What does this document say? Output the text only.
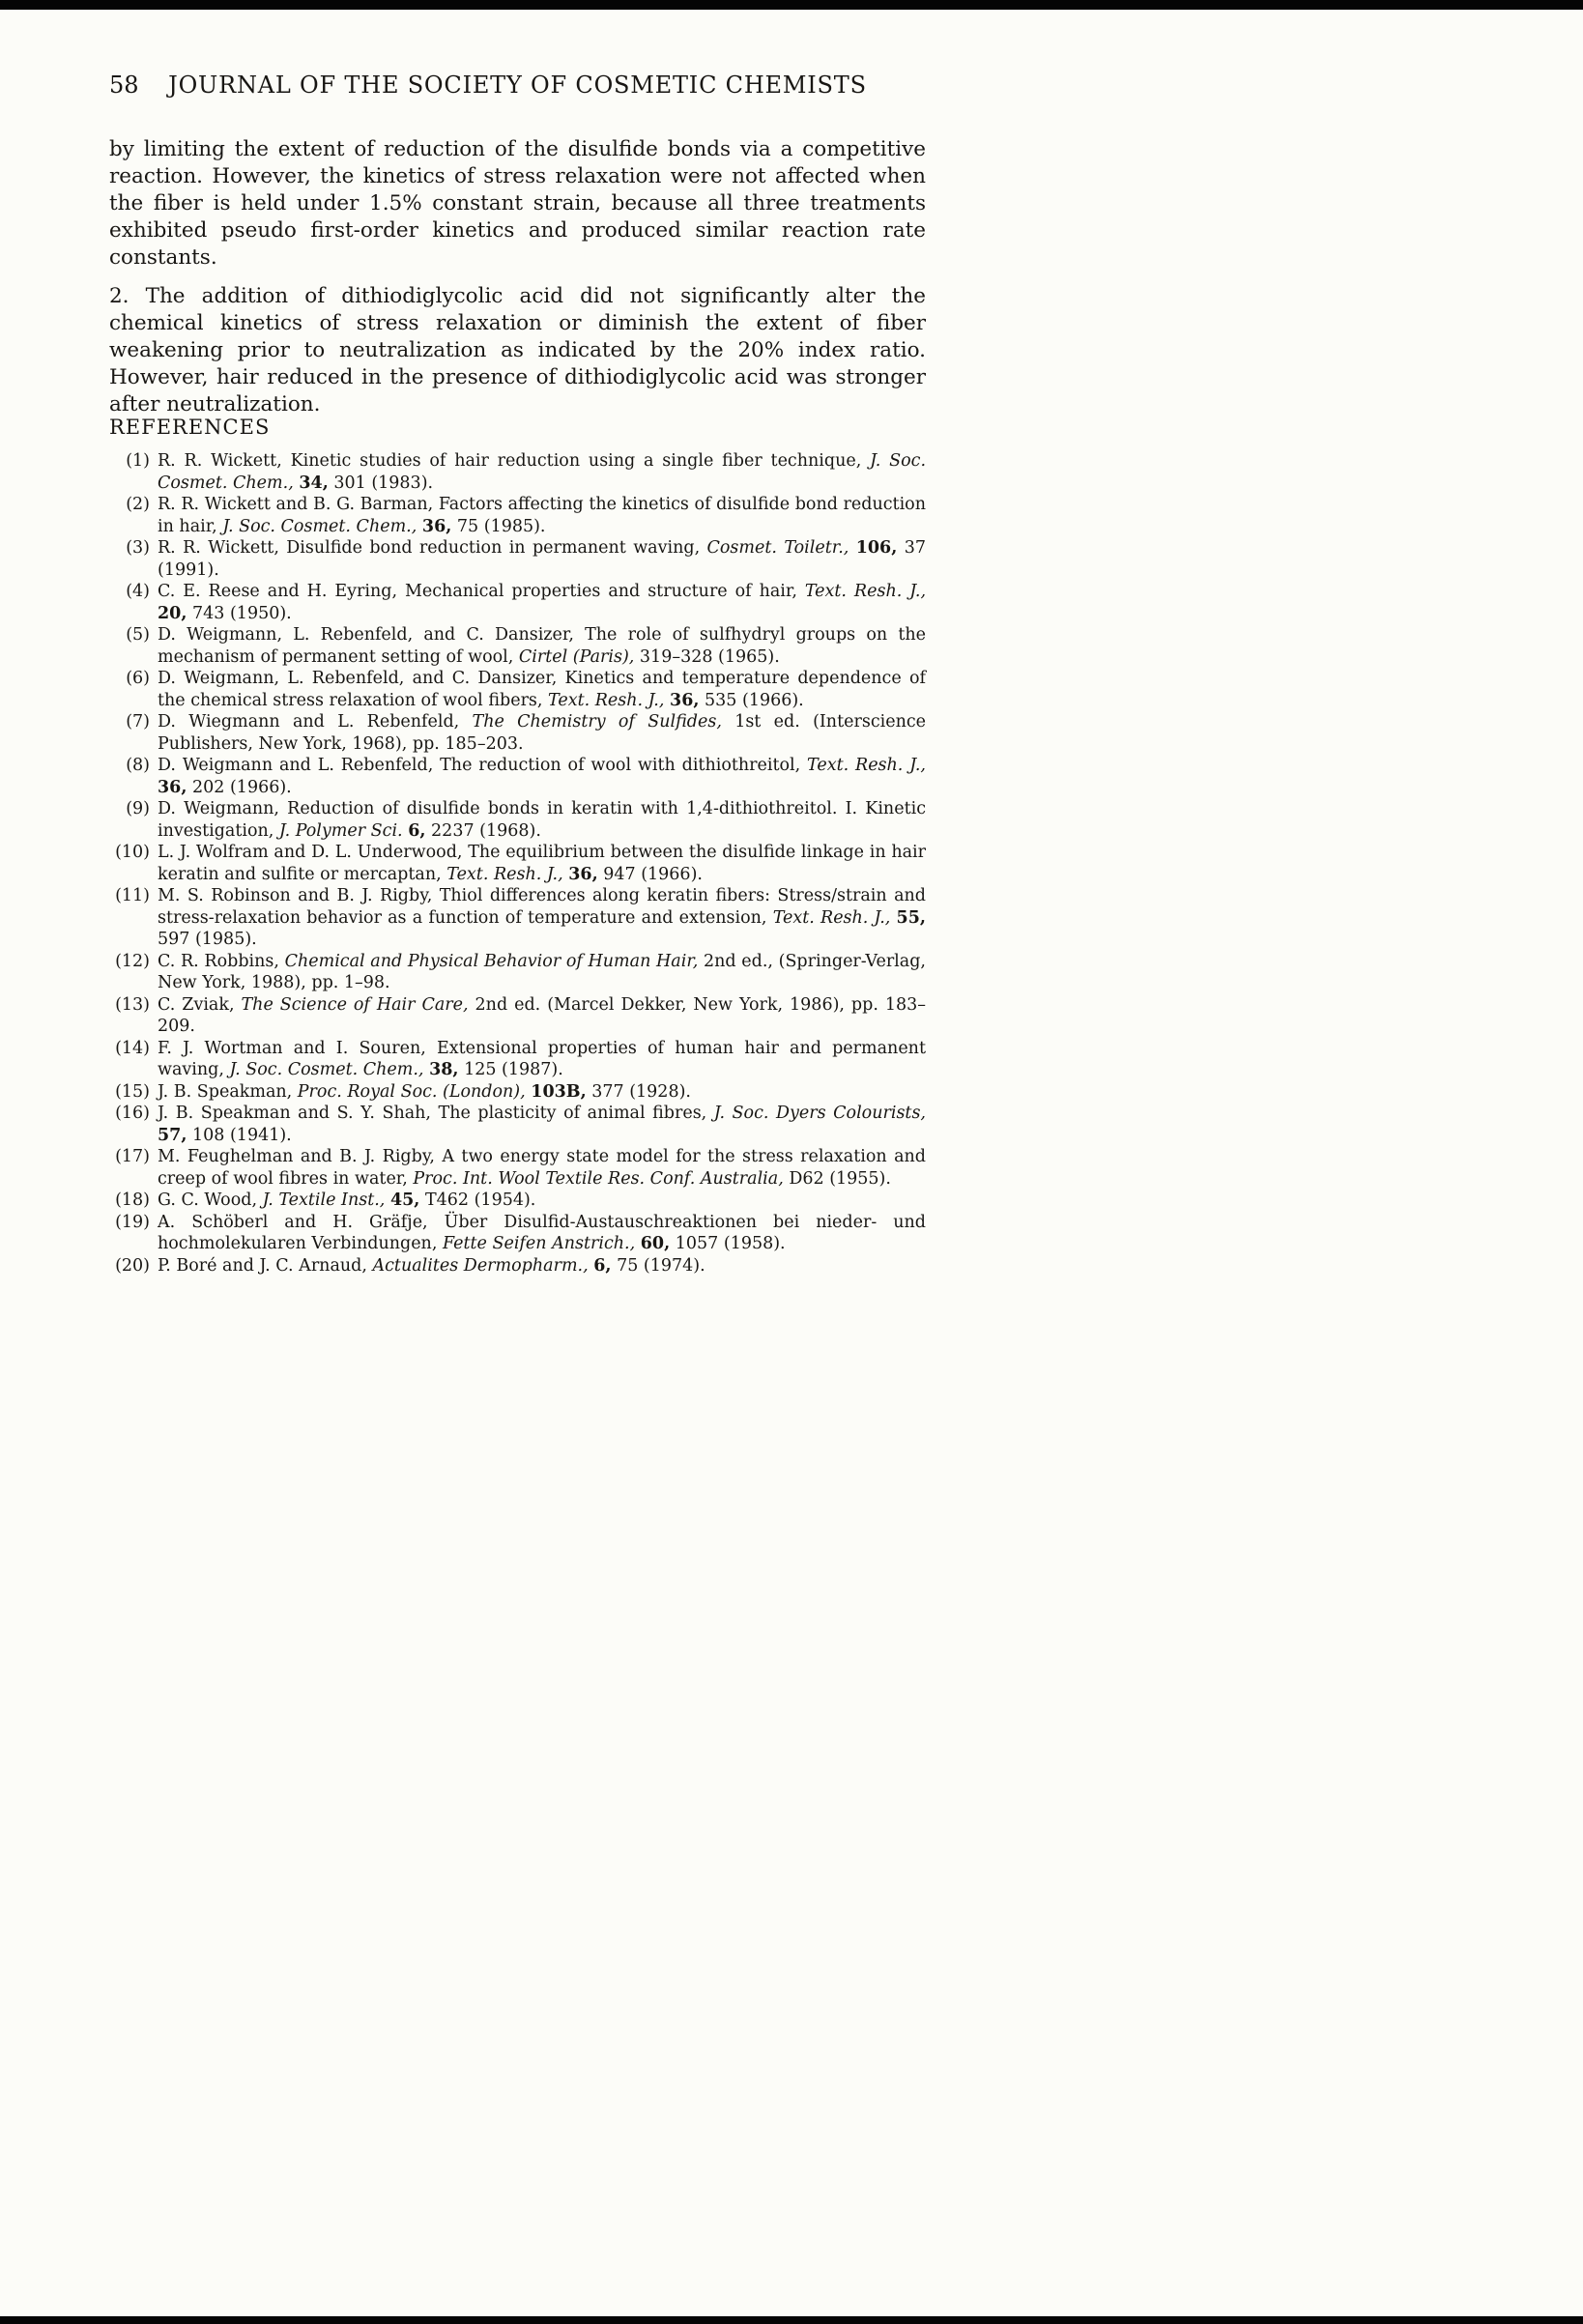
58 JOURNAL OF THE SOCIETY OF COSMETIC CHEMISTS

by limiting the extent of reduction of the disulfide bonds via a competitive reaction. However, the kinetics of stress relaxation were not affected when the fiber is held under 1.5% constant strain, because all three treatments exhibited pseudo first-order kinetics and produced similar reaction rate constants.

2. The addition of dithiodiglycolic acid did not significantly alter the chemical kinetics of stress relaxation or diminish the extent of fiber weakening prior to neutralization as indicated by the 20% index ratio. However, hair reduced in the presence of dithiodiglycolic acid was stronger after neutralization.

REFERENCES
(1) R. R. Wickett, Kinetic studies of hair reduction using a single fiber technique, J. Soc. Cosmet. Chem., 34, 301 (1983).
(2) R. R. Wickett and B. G. Barman, Factors affecting the kinetics of disulfide bond reduction in hair, J. Soc. Cosmet. Chem., 36, 75 (1985).
(3) R. R. Wickett, Disulfide bond reduction in permanent waving, Cosmet. Toiletr., 106, 37 (1991).
(4) C. E. Reese and H. Eyring, Mechanical properties and structure of hair, Text. Resh. J., 20, 743 (1950).
(5) D. Weigmann, L. Rebenfeld, and C. Dansizer, The role of sulfhydryl groups on the mechanism of permanent setting of wool, Cirtel (Paris), 319–328 (1965).
(6) D. Weigmann, L. Rebenfeld, and C. Dansizer, Kinetics and temperature dependence of the chemical stress relaxation of wool fibers, Text. Resh. J., 36, 535 (1966).
(7) D. Wiegmann and L. Rebenfeld, The Chemistry of Sulfides, 1st ed. (Interscience Publishers, New York, 1968), pp. 185–203.
(8) D. Weigmann and L. Rebenfeld, The reduction of wool with dithiothreitol, Text. Resh. J., 36, 202 (1966).
(9) D. Weigmann, Reduction of disulfide bonds in keratin with 1,4-dithiothreitol. I. Kinetic investigation, J. Polymer Sci. 6, 2237 (1968).
(10) L. J. Wolfram and D. L. Underwood, The equilibrium between the disulfide linkage in hair keratin and sulfite or mercaptan, Text. Resh. J., 36, 947 (1966).
(11) M. S. Robinson and B. J. Rigby, Thiol differences along keratin fibers: Stress/strain and stress-relaxation behavior as a function of temperature and extension, Text. Resh. J., 55, 597 (1985).
(12) C. R. Robbins, Chemical and Physical Behavior of Human Hair, 2nd ed., (Springer-Verlag, New York, 1988), pp. 1–98.
(13) C. Zviak, The Science of Hair Care, 2nd ed. (Marcel Dekker, New York, 1986), pp. 183–209.
(14) F. J. Wortman and I. Souren, Extensional properties of human hair and permanent waving, J. Soc. Cosmet. Chem., 38, 125 (1987).
(15) J. B. Speakman, Proc. Royal Soc. (London), 103B, 377 (1928).
(16) J. B. Speakman and S. Y. Shah, The plasticity of animal fibres, J. Soc. Dyers Colourists, 57, 108 (1941).
(17) M. Feughelman and B. J. Rigby, A two energy state model for the stress relaxation and creep of wool fibres in water, Proc. Int. Wool Textile Res. Conf. Australia, D62 (1955).
(18) G. C. Wood, J. Textile Inst., 45, T462 (1954).
(19) A. Schöberl and H. Gräfje, Über Disulfid-Austauschreaktionen bei nieder- und hochmolekularen Verbindungen, Fette Seifen Anstrich., 60, 1057 (1958).
(20) P. Boré and J. C. Arnaud, Actualites Dermopharm., 6, 75 (1974).
